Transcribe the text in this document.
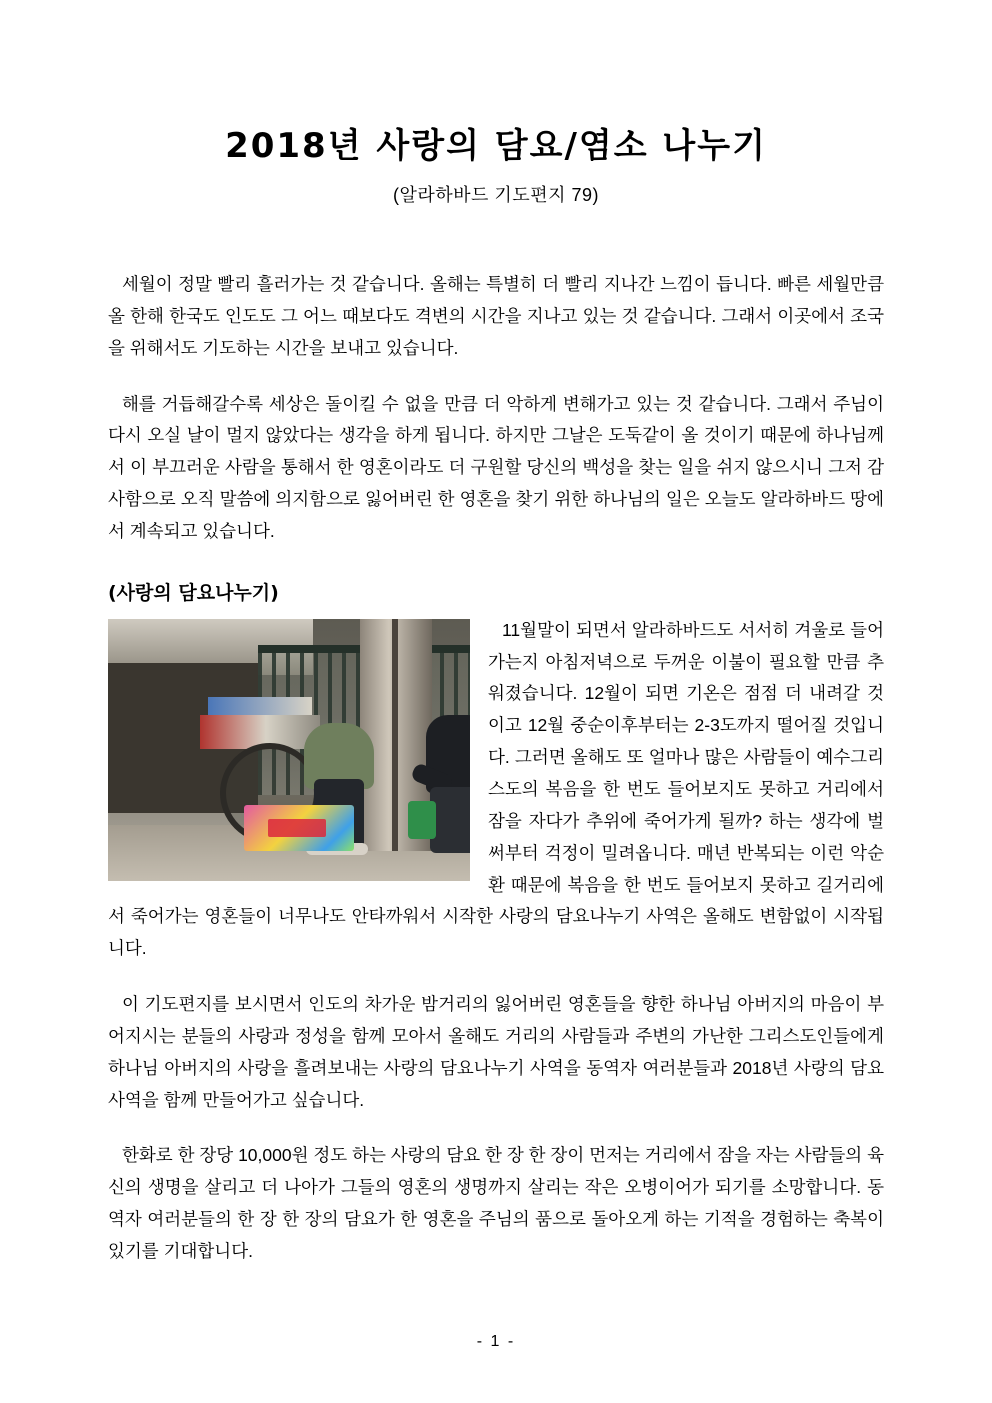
2018년 사랑의 담요/염소 나누기
(알라하바드 기도편지 79)

세월이 정말 빨리 흘러가는 것 같습니다. 올해는 특별히 더 빨리 지나간 느낌이 듭니다. 빠른 세월만큼 올 한해 한국도 인도도 그 어느 때보다도 격변의 시간을 지나고 있는 것 같습니다. 그래서 이곳에서 조국을 위해서도 기도하는 시간을 보내고 있습니다.

해를 거듭해갈수록 세상은 돌이킬 수 없을 만큼 더 악하게 변해가고 있는 것 같습니다. 그래서 주님이 다시 오실 날이 멀지 않았다는 생각을 하게 됩니다. 하지만 그날은 도둑같이 올 것이기 때문에 하나님께서 이 부끄러운 사람을 통해서 한 영혼이라도 더 구원할 당신의 백성을 찾는 일을 쉬지 않으시니 그저 감사함으로 오직 말씀에 의지함으로 잃어버린 한 영혼을 찾기 위한 하나님의 일은 오늘도 알라하바드 땅에서 계속되고 있습니다.

(사랑의 담요나누기)

11월말이 되면서 알라하바드도 서서히 겨울로 들어가는지 아침저녁으로 두꺼운 이불이 필요할 만큼 추워졌습니다. 12월이 되면 기온은 점점 더 내려갈 것이고 12월 중순이후부터는 2-3도까지 떨어질 것입니다. 그러면 올해도 또 얼마나 많은 사람들이 예수그리스도의 복음을 한 번도 들어보지도 못하고 거리에서 잠을 자다가 추위에 죽어가게 될까? 하는 생각에 벌써부터 걱정이 밀려옵니다. 매년 반복되는 이런 악순환 때문에 복음을 한 번도 들어보지 못하고 길거리에서 죽어가는 영혼들이 너무나도 안타까워서 시작한 사랑의 담요나누기 사역은 올해도 변함없이 시작됩니다.

이 기도편지를 보시면서 인도의 차가운 밤거리의 잃어버린 영혼들을 향한 하나님 아버지의 마음이 부어지시는 분들의 사랑과 정성을 함께 모아서 올해도 거리의 사람들과 주변의 가난한 그리스도인들에게 하나님 아버지의 사랑을 흘려보내는 사랑의 담요나누기 사역을 동역자 여러분들과 2018년 사랑의 담요 사역을 함께 만들어가고 싶습니다.

한화로 한 장당 10,000원 정도 하는 사랑의 담요 한 장 한 장이 먼저는 거리에서 잠을 자는 사람들의 육신의 생명을 살리고 더 나아가 그들의 영혼의 생명까지 살리는 작은 오병이어가 되기를 소망합니다. 동역자 여러분들의 한 장 한 장의 담요가 한 영혼을 주님의 품으로 돌아오게 하는 기적을 경험하는 축복이 있기를 기대합니다.

- 1 -
